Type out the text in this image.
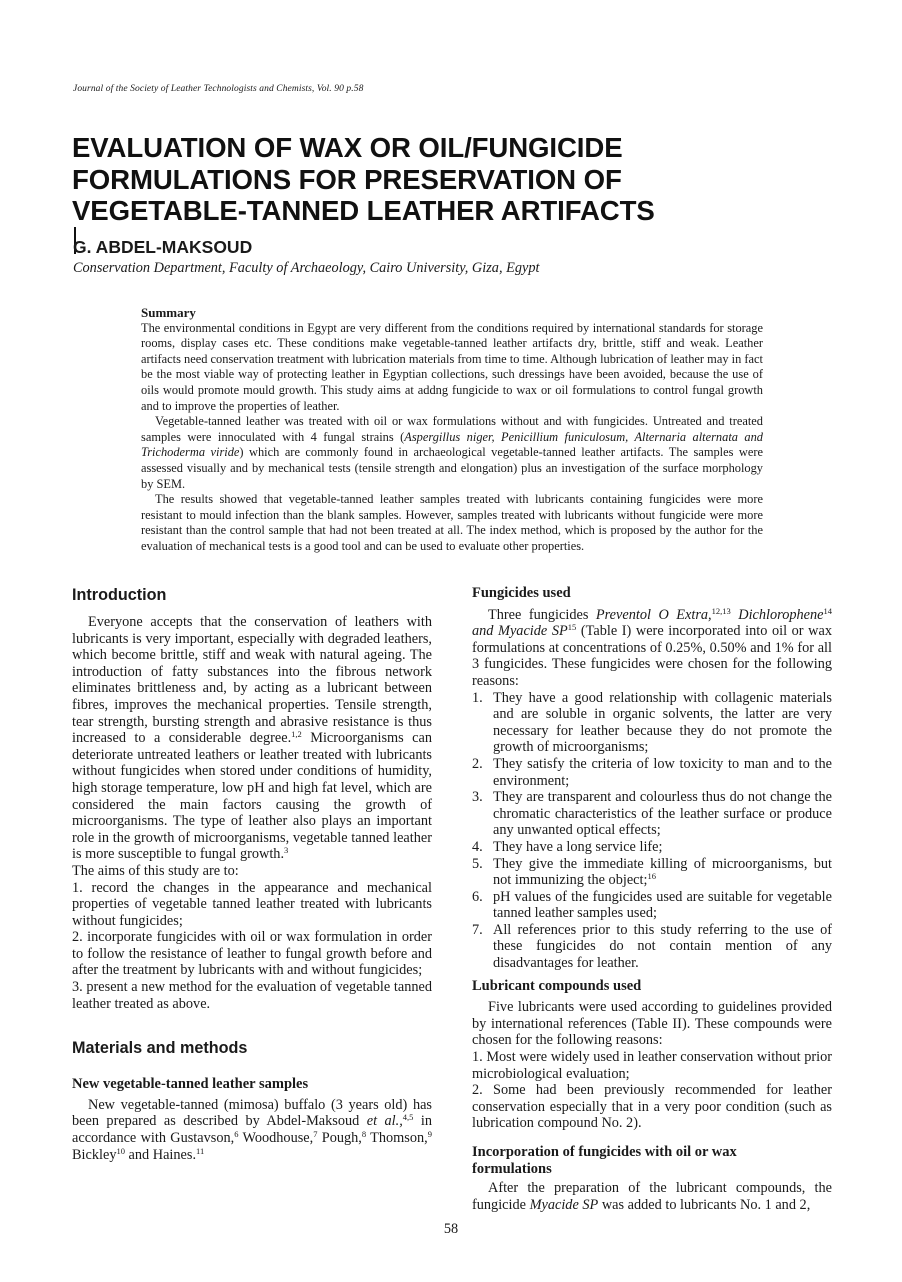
Journal of the Society of Leather Technologists and Chemists, Vol. 90 p.58
EVALUATION OF WAX OR OIL/FUNGICIDE
FORMULATIONS FOR PRESERVATION OF
VEGETABLE-TANNED LEATHER ARTIFACTS
G. ABDEL-MAKSOUD
Conservation Department, Faculty of Archaeology, Cairo University, Giza, Egypt
Summary

The environmental conditions in Egypt are very different from the conditions required by international standards for storage rooms, display cases etc. These conditions make vegetable-tanned leather artifacts dry, brittle, stiff and weak. Leather artifacts need conservation treatment with lubrication materials from time to time. Although lubrication of leather may in fact be the most viable way of protecting leather in Egyptian collections, such dressings have been avoided, because the use of oils would promote mould growth. This study aims at addng fungicide to wax or oil formulations to control fungal growth and to improve the properties of leather.

Vegetable-tanned leather was treated with oil or wax formulations without and with fungicides. Untreated and treated samples were innoculated with 4 fungal strains (Aspergillus niger, Penicillium funiculosum, Alternaria alternata and Trichoderma viride) which are commonly found in archaeological vegetable-tanned leather artifacts. The samples were assessed visually and by mechanical tests (tensile strength and elongation) plus an investigation of the surface morphology by SEM.

The results showed that vegetable-tanned leather samples treated with lubricants containing fungicides were more resistant to mould infection than the blank samples. However, samples treated with lubricants without fungicide were more resistant than the control sample that had not been treated at all. The index method, which is proposed by the author for the evaluation of mechanical tests is a good tool and can be used to evaluate other properties.

Introduction

Everyone accepts that the conservation of leathers with lubricants is very important, especially with degraded leathers, which become brittle, stiff and weak with natural ageing. The introduction of fatty substances into the fibrous network eliminates brittleness and, by acting as a lubricant between fibres, improves the mechanical properties. Tensile strength, tear strength, bursting strength and abrasive resistance is thus increased to a considerable degree.$^{1,2}$ Microorganisms can deteriorate untreated leathers or leather treated with lubricants without fungicides when stored under conditions of humidity, high storage temperature, low pH and high fat level, which are considered the main factors causing the growth of microorganisms. The type of leather also plays an important role in the growth of microorganisms, vegetable tanned leather is more susceptible to fungal growth.$^3$

The aims of this study are to:

1. record the changes in the appearance and mechanical properties of vegetable tanned leather treated with lubricants without fungicides;

2. incorporate fungicides with oil or wax formulation in order to follow the resistance of leather to fungal growth before and after the treatment by lubricants with and without fungicides;

3. present a new method for the evaluation of vegetable tanned leather treated as above.

Materials and methods
New vegetable-tanned leather samples

New vegetable-tanned (mimosa) buffalo (3 years old) has been prepared as described by Abdel-Maksoud et al.,$^{4,5}$ in accordance with Gustavson,$^6$ Woodhouse,$^7$ Pough,$^8$ Thomson,$^9$ Bickley$^{10}$ and Haines.$^{11}$

Fungicides used

Three fungicides Preventol O Extra,$^{12,13}$ Dichlorophene$^{14}$ and Myacide SP$^{15}$ (Table I) were incorporated into oil or wax formulations at concentrations of 0.25%, 0.50% and 1% for all 3 fungicides. These fungicides were chosen for the following reasons:

1. They have a good relationship with collagenic materials and are soluble in organic solvents, the latter are very necessary for leather because they do not promote the growth of microorganisms;
2. They satisfy the criteria of low toxicity to man and to the environment;
3. They are transparent and colourless thus do not change the chromatic characteristics of the leather surface or produce any unwanted optical effects;
4. They have a long service life;
5. They give the immediate killing of microorganisms, but not immunizing the object;$^{16}$
6. pH values of the fungicides used are suitable for vegetable tanned leather samples used;
7. All references prior to this study referring to the use of these fungicides do not contain mention of any disadvantages for leather.
Lubricant compounds used

Five lubricants were used according to guidelines provided by international references (Table II). These compounds were chosen for the following reasons:

1. Most were widely used in leather conservation without prior microbiological evaluation;

2. Some had been previously recommended for leather conservation especially that in a very poor condition (such as lubrication compound No. 2).

Incorporation of fungicides with oil or wax
formulations

After the preparation of the lubricant compounds, the fungicide Myacide SP was added to lubricants No. 1 and 2,

58
